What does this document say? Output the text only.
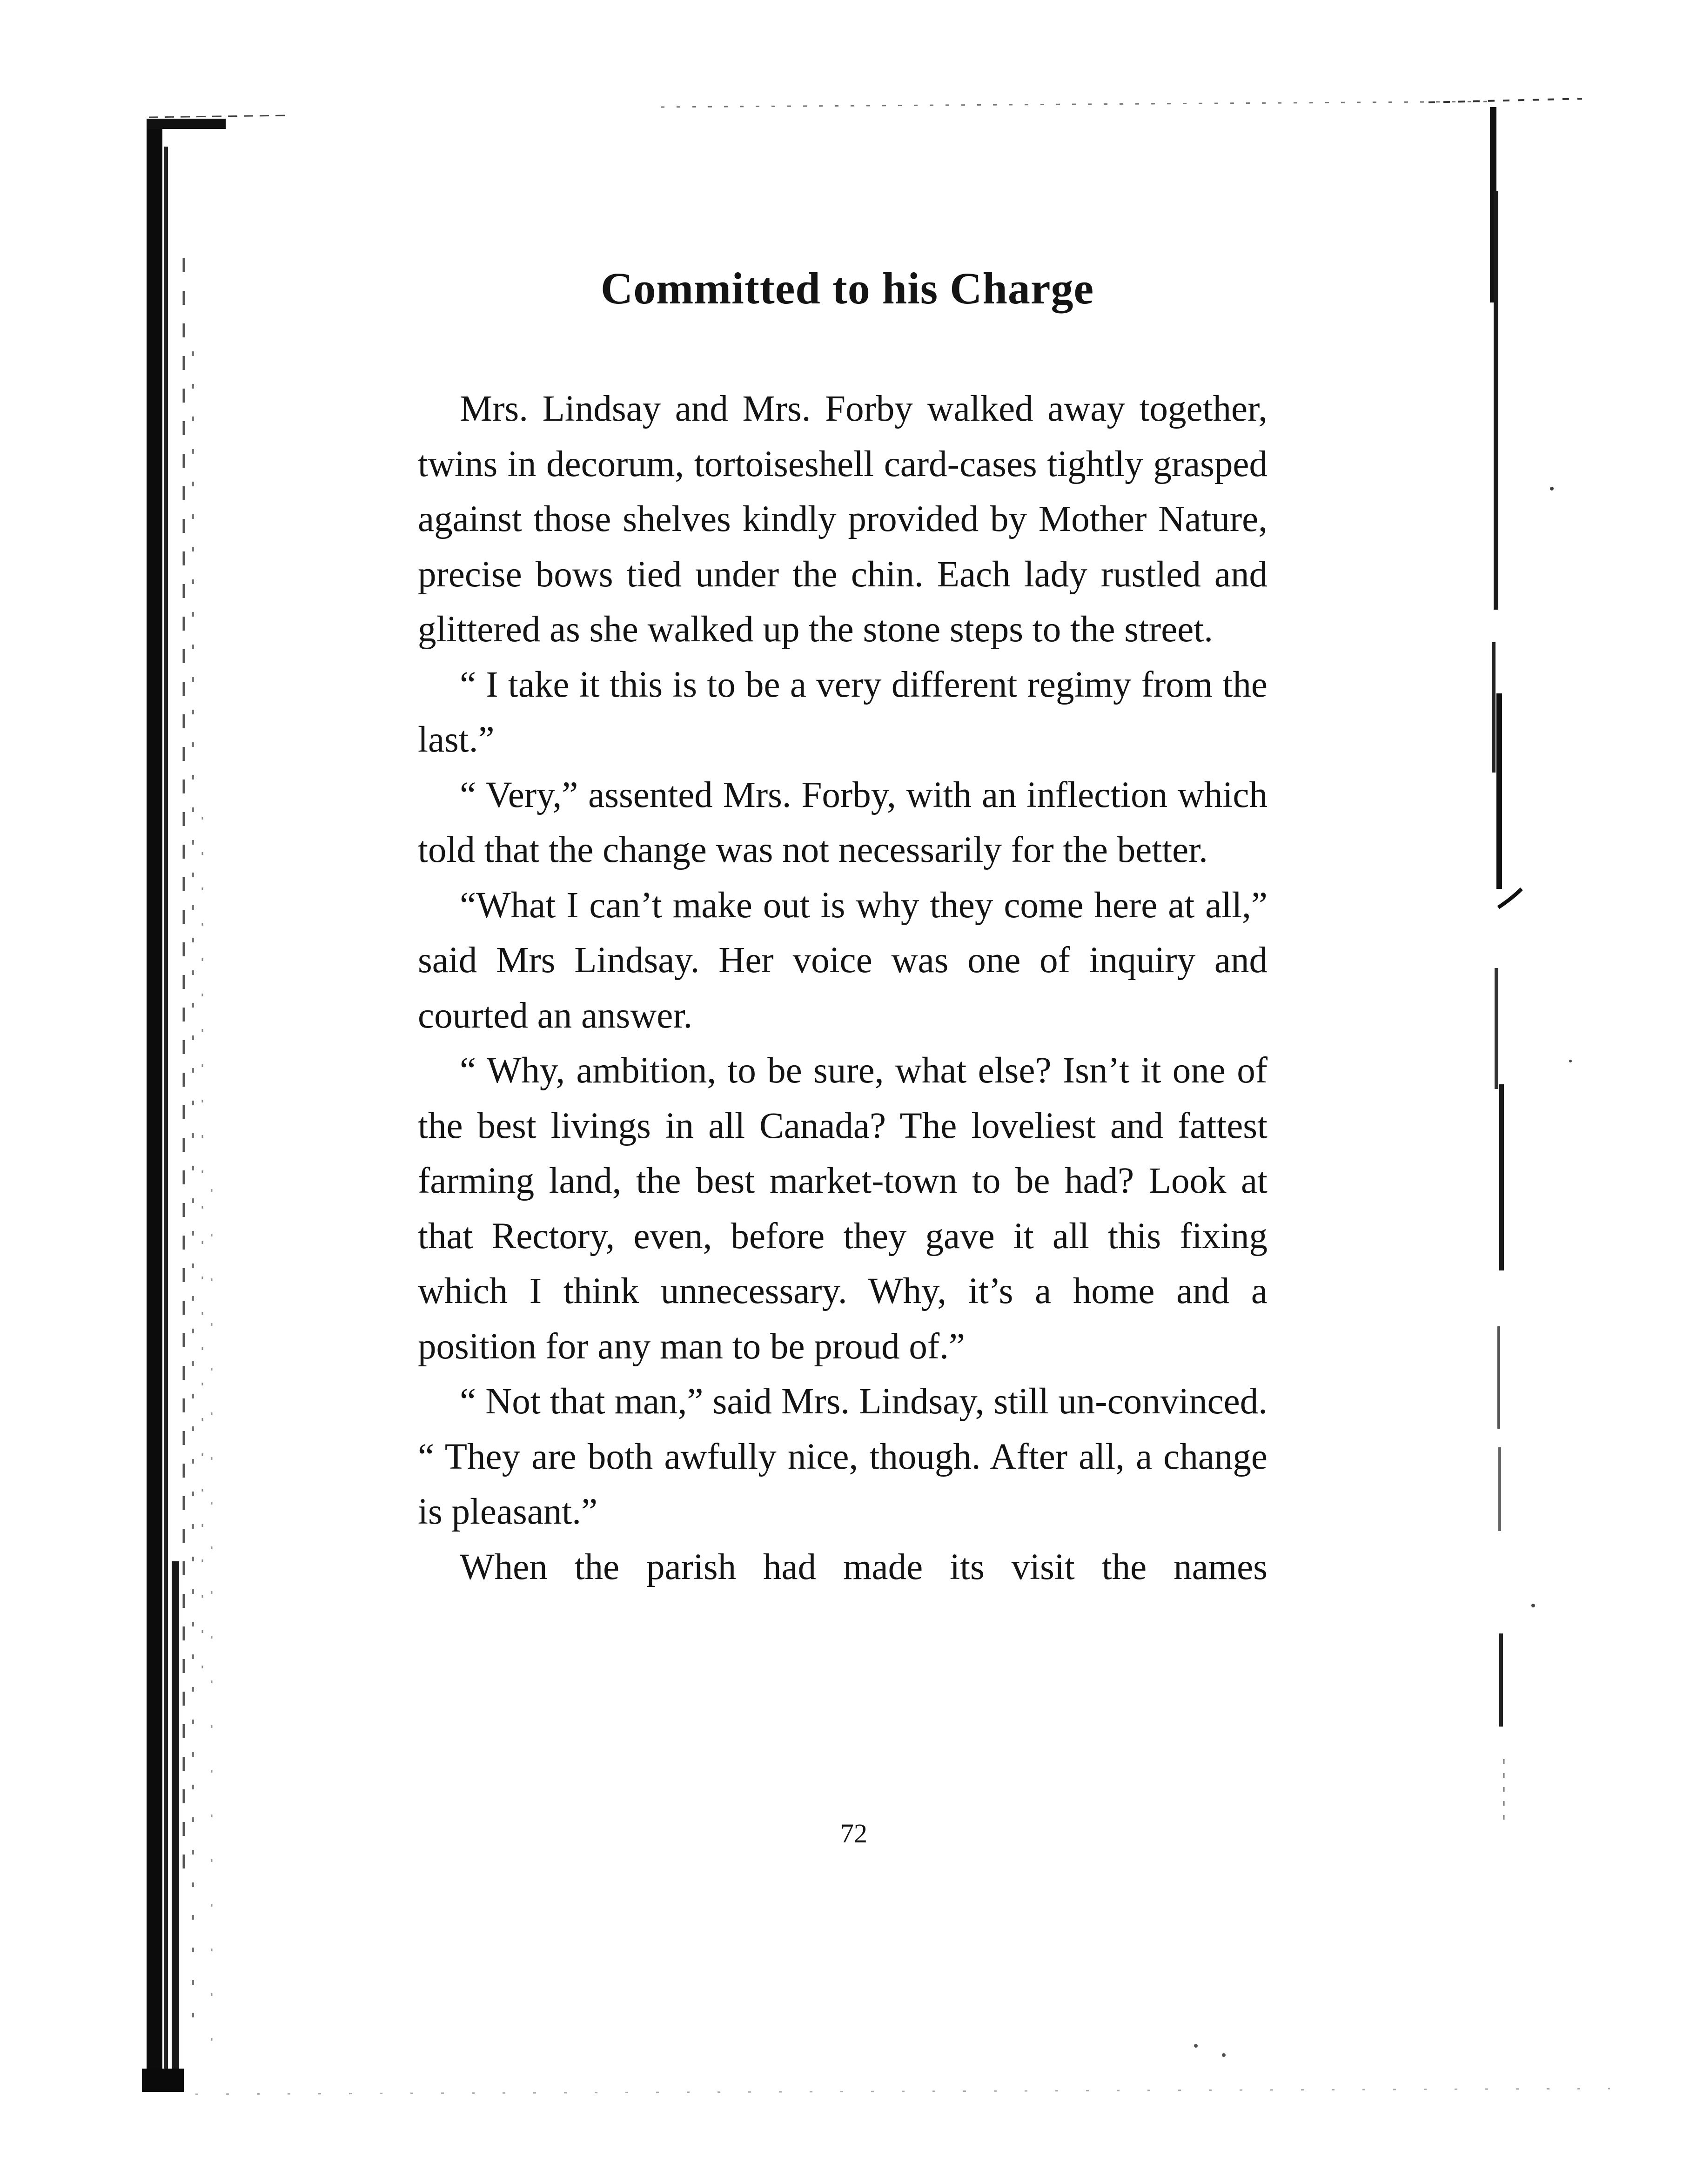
Committed to his Charge

Mrs. Lindsay and Mrs. Forby walked away together, twins in decorum, tortoiseshell card-cases tightly grasped against those shelves kindly provided by Mother Nature, precise bows tied under the chin. Each lady rustled and glittered as she walked up the stone steps to the street.

“ I take it this is to be a very different regimy from the last.”

“ Very,” assented Mrs. Forby, with an inflection which told that the change was not necessarily for the better.

“What I can’t make out is why they come here at all,” said Mrs Lindsay. Her voice was one of inquiry and courted an answer.

“ Why, ambition, to be sure, what else? Isn’t it one of the best livings in all Canada? The loveliest and fattest farming land, the best market-town to be had? Look at that Rectory, even, before they gave it all this fixing which I think unnecessary. Why, it’s a home and a position for any man to be proud of.”

“ Not that man,” said Mrs. Lindsay, still un-convinced. “ They are both awfully nice, though. After all, a change is pleasant.”

When the parish had made its visit the names

72
